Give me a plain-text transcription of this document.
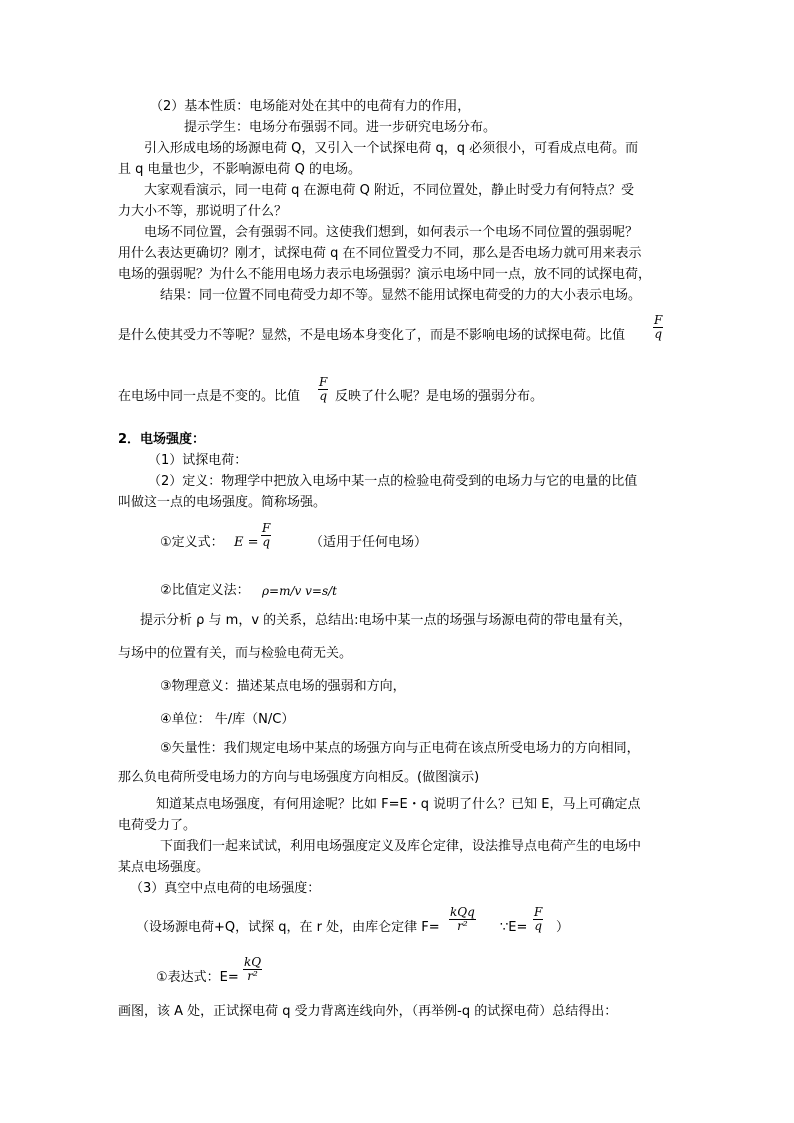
（2）基本性质：电场能对处在其中的电荷有力的作用，
提示学生：电场分布强弱不同。进一步研究电场分布。
引入形成电场的场源电荷 Q，又引入一个试探电荷 q，q 必须很小，可看成点电荷。而
且 q 电量也少，不影响源电荷 Q 的电场。
大家观看演示，同一电荷 q 在源电荷 Q 附近，不同位置处，静止时受力有何特点？受
力大小不等，那说明了什么？
电场不同位置，会有强弱不同。这使我们想到，如何表示一个电场不同位置的强弱呢？
用什么表达更确切？刚才，试探电荷 q 在不同位置受力不同，那么是否电场力就可用来表示
电场的强弱呢？为什么不能用电场力表示电场强弱？演示电场中同一点，放不同的试探电荷，
结果：同一位置不同电荷受力却不等。显然不能用试探电荷受的力的大小表示电场。
是什么使其受力不等呢？显然，不是电场本身变化了，而是不影响电场的试探电荷。比值 $\frac{F}{q}$
在电场中同一点是不变的。比值 $\frac{F}{q}$ 反映了什么呢？是电场的强弱分布。
2．电场强度：
（1）试探电荷：
（2）定义：物理学中把放入电场中某一点的检验电荷受到的电场力与它的电量的比值
叫做这一点的电场强度。简称场强。
①定义式： $E = \frac{F}{q}$	（适用于任何电场）
②比值定义法： ρ=m/v v=s/t
提示分析 ρ 与 m，v 的关系，总结出:电场中某一点的场强与场源电荷的带电量有关，
与场中的位置有关，而与检验电荷无关。
③物理意义：描述某点电场的强弱和方向，
④单位： 牛/库（N/C）
⑤矢量性：我们规定电场中某点的场强方向与正电荷在该点所受电场力的方向相同，
那么负电荷所受电场力的方向与电场强度方向相反。(做图演示)
知道某点电场强度，有何用途呢？比如 F=E・q 说明了什么？已知 E，马上可确定点
电荷受力了。
下面我们一起来试试，利用电场强度定义及库仑定律，设法推导点电荷产生的电场中
某点电场强度。
（3）真空中点电荷的电场强度：
（设场源电荷+Q，试探 q，在 r 处，由库仑定律 F=
kQq
r²	∵E= $\frac{F}{q}$ ）
①表达式：$E= \frac{kQ}{\text{r²}}$
画图，该 A 处，正试探电荷 q 受力背离连线向外，（再举例-q 的试探电荷）总结得出：
